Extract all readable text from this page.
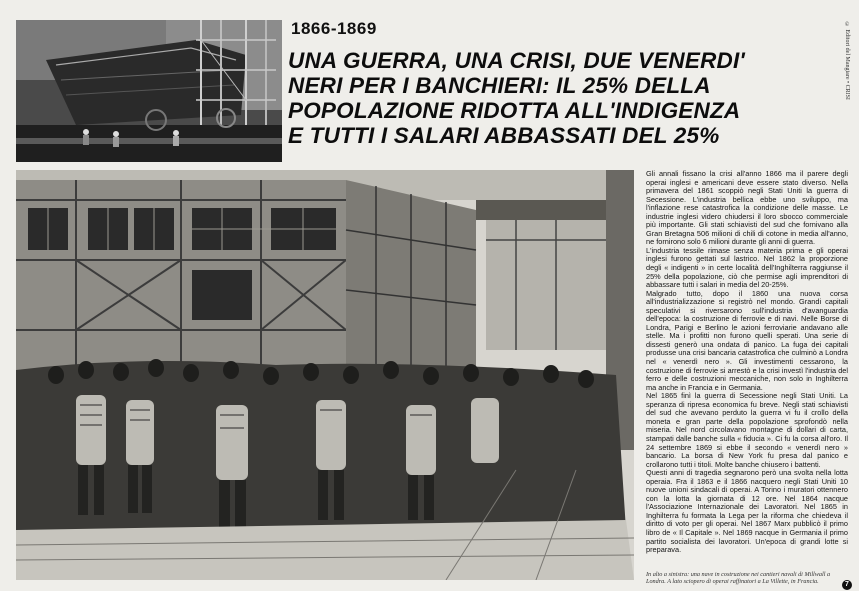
1866-1869
UNA GUERRA, UNA CRISI, DUE VENERDI'
NERI PER I BANCHIERI: IL 25% DELLA
POPOLAZIONE RIDOTTA ALL'INDIGENZA
E TUTTI I SALARI ABBASSATI DEL 25%
© Editori del Mangiare • CRISI

Gli annali fissano la crisi all'anno 1866 ma il parere degli operai inglesi e americani deve essere stato diverso. Nella primavera del 1861 scoppiò negli Stati Uniti la guerra di Secessione. L'industria bellica ebbe uno sviluppo, ma l'inflazione rese catastrofica la condizione delle masse. Le industrie inglesi videro chiudersi il loro sbocco commerciale più importante. Gli stati schiavisti del sud che fornivano alla Gran Bretagna 506 milioni di chili di cotone in media all'anno, ne fornirono solo 6 milioni durante gli anni di guerra.

L'industria tessile rimase senza materia prima e gli operai inglesi furono gettati sul lastrico. Nel 1862 la proporzione degli « indigenti » in certe località dell'Inghilterra raggiunse il 25% della popolazione, ciò che permise agli imprenditori di abbassare tutti i salari in media del 20-25%.

Malgrado tutto, dopo il 1860 una nuova corsa all'industrializzazione si registrò nel mondo. Grandi capitali speculativi si riversarono sull'industria d'avanguardia dell'epoca: la costruzione di ferrovie e di navi. Nelle Borse di Londra, Parigi e Berlino le azioni ferroviarie andavano alle stelle. Ma i profitti non furono quelli sperati. Una serie di dissesti generò una ondata di panico. La fuga dei capitali produsse una crisi bancaria catastrofica che culminò a Londra nel « venerdì nero ». Gli investimenti cessarono, la costruzione di ferrovie si arrestò e la crisi investì l'industria del ferro e delle costruzioni meccaniche, non solo in Inghilterra ma anche in Francia e in Germania.

Nel 1865 finì la guerra di Secessione negli Stati Uniti. La speranza di ripresa economica fu breve. Negli stati schiavisti del sud che avevano perduto la guerra vi fu il crollo della moneta e gran parte della popolazione sprofondò nella miseria. Nel nord circolavano montagne di dollari di carta, stampati dalle banche sulla « fiducia ». Ci fu la corsa all'oro. Il 24 settembre 1869 si ebbe il secondo « venerdì nero » bancario. La borsa di New York fu presa dal panico e crollarono tutti i titoli. Molte banche chiusero i battenti.

Questi anni di tragedia segnarono però una svolta nella lotta operaia. Fra il 1863 e il 1866 nacquero negli Stati Uniti 10 nuove unioni sindacali di operai. A Torino i muratori ottennero con la lotta la giornata di 12 ore. Nel 1864 nacque l'Associazione Internazionale dei Lavoratori. Nel 1865 in Inghilterra fu formata la Lega per la riforma che chiedeva il diritto di voto per gli operai. Nel 1867 Marx pubblicò il primo libro de « Il Capitale ». Nel 1869 nacque in Germania il primo partito socialista dei lavoratori. Un'epoca di grandi lotte si preparava.

In alto a sinistra: una nave in costruzione nei cantieri navali di Millwall a Londra. A lato sciopero di operai raffinatori a La Villette, in Francia.	7
